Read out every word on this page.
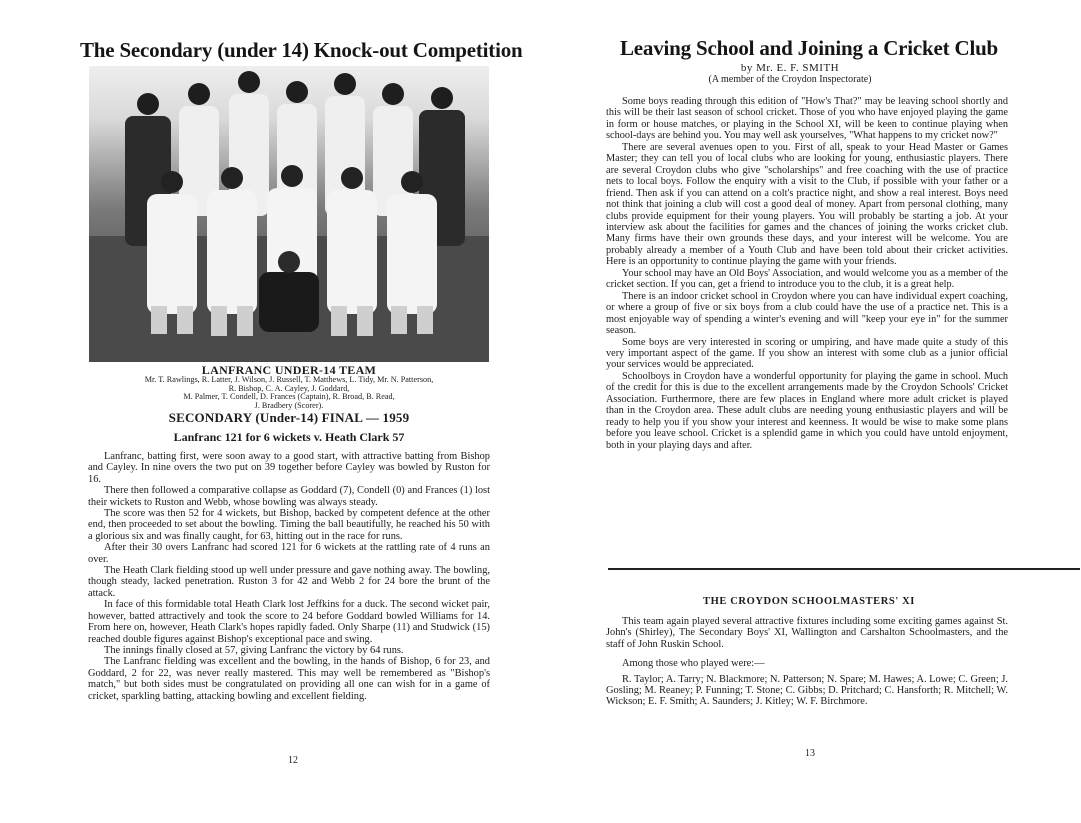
The Secondary (under 14) Knock-out Competition

LANFRANC UNDER-14 TEAM

Mr. T. Rawlings, R. Latter, J. Wilson, J. Russell, T. Matthews, L. Tidy, Mr. N. Patterson,
R. Bishop, C. A. Cayley, J. Goddard,
M. Palmer, T. Condell, D. Frances (Captain), R. Broad, B. Read,
J. Bradbery (Scorer).

SECONDARY (Under-14) FINAL — 1959

Lanfranc 121 for 6 wickets v. Heath Clark 57

Lanfranc, batting first, were soon away to a good start, with attractive batting from Bishop and Cayley. In nine overs the two put on 39 together before Cayley was bowled by Ruston for 16.

There then followed a comparative collapse as Goddard (7), Condell (0) and Frances (1) lost their wickets to Ruston and Webb, whose bowling was always steady.

The score was then 52 for 4 wickets, but Bishop, backed by competent defence at the other end, then proceeded to set about the bowling. Timing the ball beautifully, he reached his 50 with a glorious six and was finally caught, for 63, hitting out in the race for runs.

After their 30 overs Lanfranc had scored 121 for 6 wickets at the rattling rate of 4 runs an over.

The Heath Clark fielding stood up well under pressure and gave nothing away. The bowling, though steady, lacked penetration. Ruston 3 for 42 and Webb 2 for 24 bore the brunt of the attack.

In face of this formidable total Heath Clark lost Jeffkins for a duck. The second wicket pair, however, batted attractively and took the score to 24 before Goddard bowled Williams for 14. From here on, however, Heath Clark's hopes rapidly faded. Only Sharpe (11) and Studwick (15) reached double figures against Bishop's exceptional pace and swing.

The innings finally closed at 57, giving Lanfranc the victory by 64 runs.

The Lanfranc fielding was excellent and the bowling, in the hands of Bishop, 6 for 23, and Goddard, 2 for 22, was never really mastered. This may well be remembered as "Bishop's match," but both sides must be congratulated on providing all one can wish for in a game of cricket, sparkling batting, attacking bowling and excellent fielding.

12

Leaving School and Joining a Cricket Club

by Mr. E. F. SMITH

(A member of the Croydon Inspectorate)

Some boys reading through this edition of "How's That?" may be leaving school shortly and this will be their last season of school cricket. Those of you who have enjoyed playing the game in form or house matches, or playing in the School XI, will be keen to continue playing when school-days are behind you. You may well ask yourselves, "What happens to my cricket now?"

There are several avenues open to you. First of all, speak to your Head Master or Games Master; they can tell you of local clubs who are looking for young, enthusiastic players. There are several Croydon clubs who give "scholarships" and free coaching with the use of practice nets to local boys. Follow the enquiry with a visit to the Club, if possible with your father or a friend. Then ask if you can attend on a colt's practice night, and show a real interest. Boys need not think that joining a club will cost a good deal of money. Apart from personal clothing, many clubs provide equipment for their young players. You will probably be starting a job. At your interview ask about the facilities for games and the chances of joining the works cricket club. Many firms have their own grounds these days, and your interest will be welcome. You are probably already a member of a Youth Club and have been told about their cricket activities. Here is an opportunity to continue playing the game with your friends.

Your school may have an Old Boys' Association, and would welcome you as a member of the cricket section. If you can, get a friend to introduce you to the club, it is a great help.

There is an indoor cricket school in Croydon where you can have individual expert coaching, or where a group of five or six boys from a club could have the use of a practice net. This is a most enjoyable way of spending a winter's evening and will "keep your eye in" for the summer season.

Some boys are very interested in scoring or umpiring, and have made quite a study of this very important aspect of the game. If you show an interest with some club as a junior official your services would be appreciated.

Schoolboys in Croydon have a wonderful opportunity for playing the game in school. Much of the credit for this is due to the excellent arrangements made by the Croydon Schools' Cricket Association. Furthermore, there are few places in England where more adult cricket is played than in the Croydon area. These adult clubs are needing young enthusiastic players and will be ready to help you if you show your interest and keenness. It would be wise to make some plans before you leave school. Cricket is a splendid game in which you could have untold enjoyment, both in your playing days and after.

THE CROYDON SCHOOLMASTERS' XI

This team again played several attractive fixtures including some exciting games against St. John's (Shirley), The Secondary Boys' XI, Wallington and Carshalton Schoolmasters, and the staff of John Ruskin School.

Among those who played were:—

R. Taylor; A. Tarry; N. Blackmore; N. Patterson; N. Spare; M. Hawes; A. Lowe; C. Green; J. Gosling; M. Reaney; P. Funning; T. Stone; C. Gibbs; D. Pritchard; C. Hansforth; R. Mitchell; W. Wickson; E. F. Smith; A. Saunders; J. Kitley; W. F. Birchmore.

13
